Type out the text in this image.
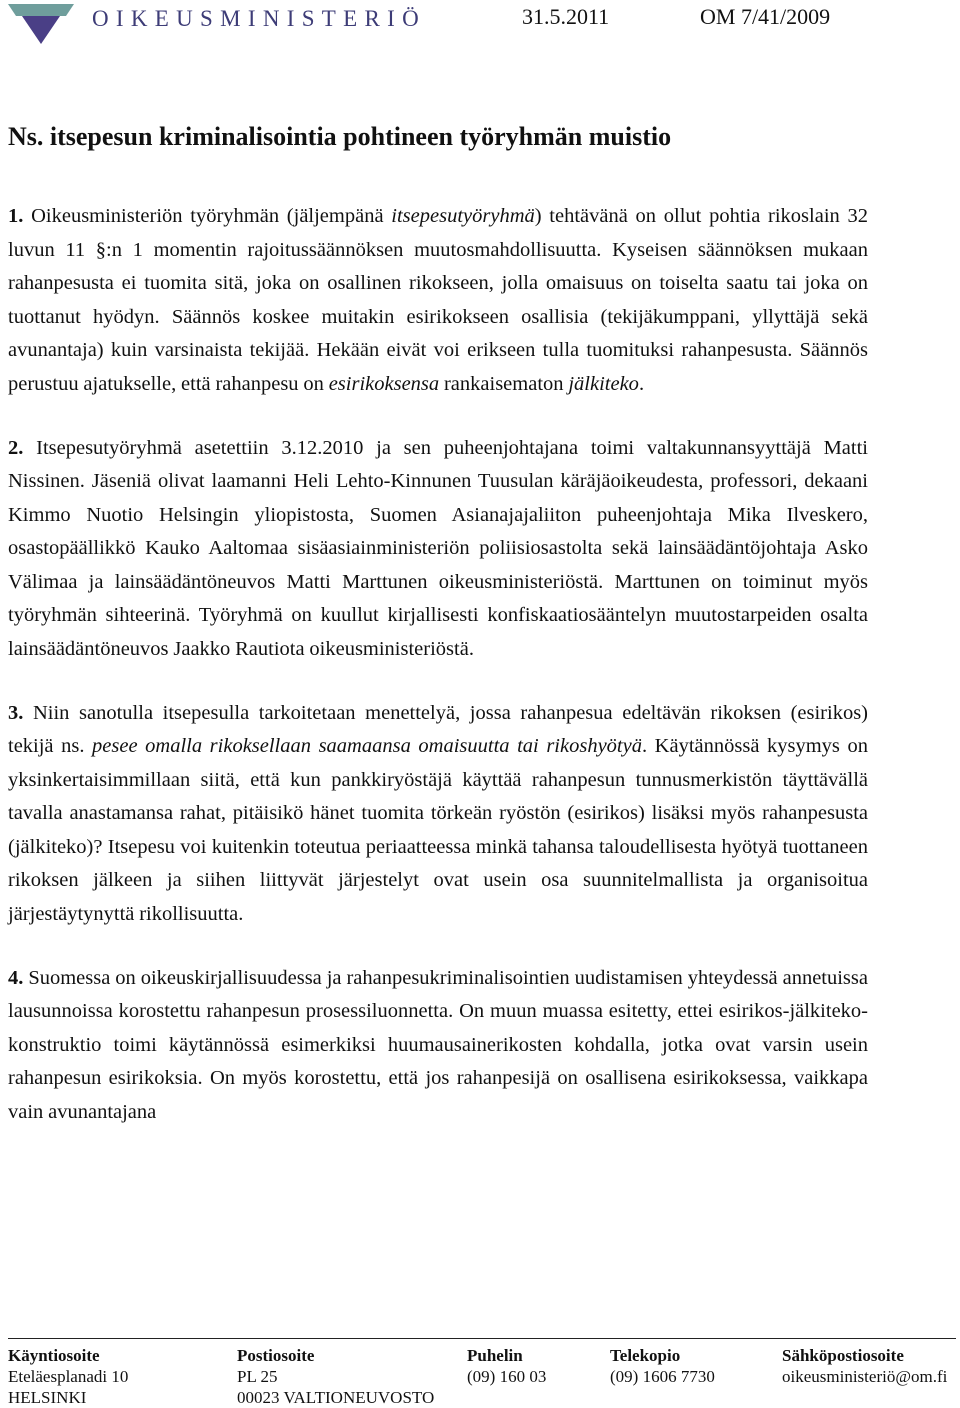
OIKEUSMINISTERIÖ	31.5.2011	OM 7/41/2009
Ns. itsepesun kriminalisointia pohtineen työryhmän muistio

1. Oikeusministeriön työryhmän (jäljempänä itsepesutyöryhmä) tehtävänä on ollut pohtia rikoslain 32 luvun 11 §:n 1 momentin rajoitussäännöksen muutosmahdollisuutta. Kyseisen säännöksen mukaan rahanpesusta ei tuomita sitä, joka on osallinen rikokseen, jolla omaisuus on toiselta saatu tai joka on tuottanut hyödyn. Säännös koskee muitakin esirikokseen osallisia (tekijäkumppani, yllyttäjä sekä avunantaja) kuin varsinaista tekijää. Hekään eivät voi erikseen tulla tuomituksi rahanpesusta. Säännös perustuu ajatukselle, että rahanpesu on esirikoksensa rankaisematon jälkiteko.

2. Itsepesutyöryhmä asetettiin 3.12.2010 ja sen puheenjohtajana toimi valtakunnansyyttäjä Matti Nissinen. Jäseniä olivat laamanni Heli Lehto-Kinnunen Tuusulan käräjäoikeudesta, professori, dekaani Kimmo Nuotio Helsingin yliopistosta, Suomen Asianajajaliiton puheenjohtaja Mika Ilveskero, osastopäällikkö Kauko Aaltomaa sisäasiainministeriön poliisiosastolta sekä lainsäädäntöjohtaja Asko Välimaa ja lainsäädäntöneuvos Matti Marttunen oikeusministeriöstä. Marttunen on toiminut myös työryhmän sihteerinä. Työryhmä on kuullut kirjallisesti konfiskaatiosääntelyn muutostarpeiden osalta lainsäädäntöneuvos Jaakko Rautiota oikeusministeriöstä.

3. Niin sanotulla itsepesulla tarkoitetaan menettelyä, jossa rahanpesua edeltävän rikoksen (esirikos) tekijä ns. pesee omalla rikoksellaan saamaansa omaisuutta tai rikoshyötyä. Käytännössä kysymys on yksinkertaisimmillaan siitä, että kun pankkiryöstäjä käyttää rahanpesun tunnusmerkistön täyttävällä tavalla anastamansa rahat, pitäisikö hänet tuomita törkeän ryöstön (esirikos) lisäksi myös rahanpesusta (jälkiteko)? Itsepesu voi kuitenkin toteutua periaatteessa minkä tahansa taloudellisesta hyötyä tuottaneen rikoksen jälkeen ja siihen liittyvät järjestelyt ovat usein osa suunnitelmallista ja organisoitua järjestäytynyttä rikollisuutta.

4. Suomessa on oikeuskirjallisuudessa ja rahanpesukriminalisointien uudistamisen yhteydessä annetuissa lausunnoissa korostettu rahanpesun prosessiluonnetta. On muun muassa esitetty, ettei esirikos-jälkiteko-konstruktio toimi käytännössä esimerkiksi huumausainerikosten kohdalla, jotka ovat varsin usein rahanpesun esirikoksia. On myös korostettu, että jos rahanpesijä on osallisena esirikoksessa, vaikkapa vain avunantajana

Käyntiosoite
Eteläesplanadi 10
HELSINKI
Postiosoite
PL 25
00023 VALTIONEUVOSTO
Puhelin
(09) 160 03
Telekopio
(09) 1606 7730
Sähköpostiosoite
oikeusministeriö@om.fi
